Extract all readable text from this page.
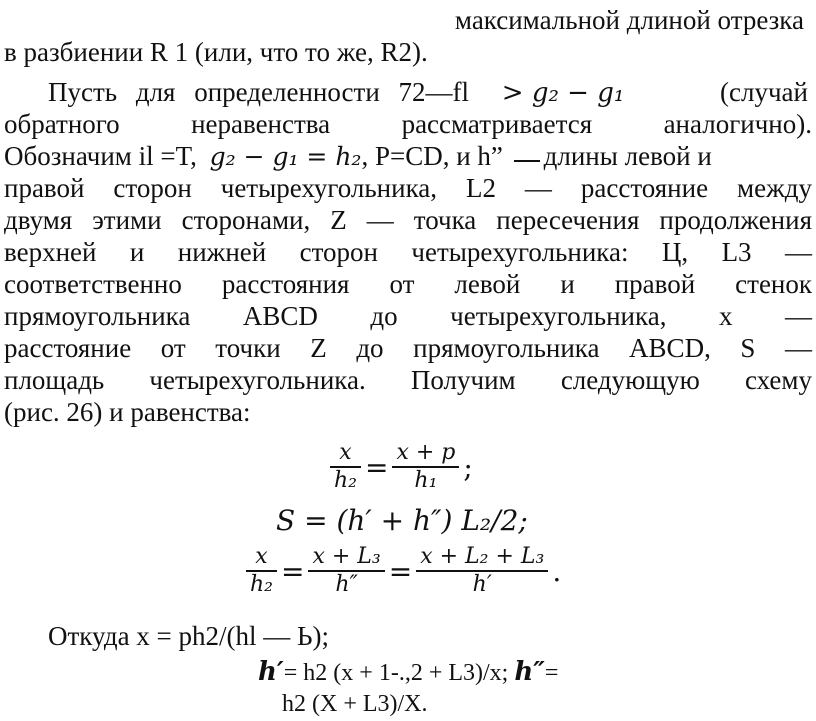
максимальной длиной отрезка
в разбиении R 1 (или, что то же, R2).
Пусть для определенности 72—fl > g₂ − g₁	(случай
обратного неравенства рассматривается аналогично).
Обозначим il =T, g₂ − g₁ = h₂, P=CD, и h” длины левой и
правой сторон четырехугольника, L2 — расстояние между
двумя этими сторонами, Z — точка пересечения продолжения
верхней и нижней сторон четырехугольника: Ц, L3 —
соответственно расстояния от левой и правой стенок
прямоугольника ABCD до четырехугольника, x —
расстояние от точки Z до прямоугольника ABCD, S —
площадь четырехугольника. Получим следующую схему
(рис. 26) и равенства:
$\frac{x}{\text{h₂}} = \frac{x + p}{\text{h₁}}$ ;
S = (h′ + h″) L₂/2;
$\frac{x}{\text{h₂}} = \frac{\text{x + L₃}}{h''} = \frac{\text{x + L₂ + L₃}}{h'}$ .
Откуда x = ph2/(hl — Ь);
h′= h2 (x + 1-.,2 + L3)/x; h″=
h2 (X + L3)/X.
